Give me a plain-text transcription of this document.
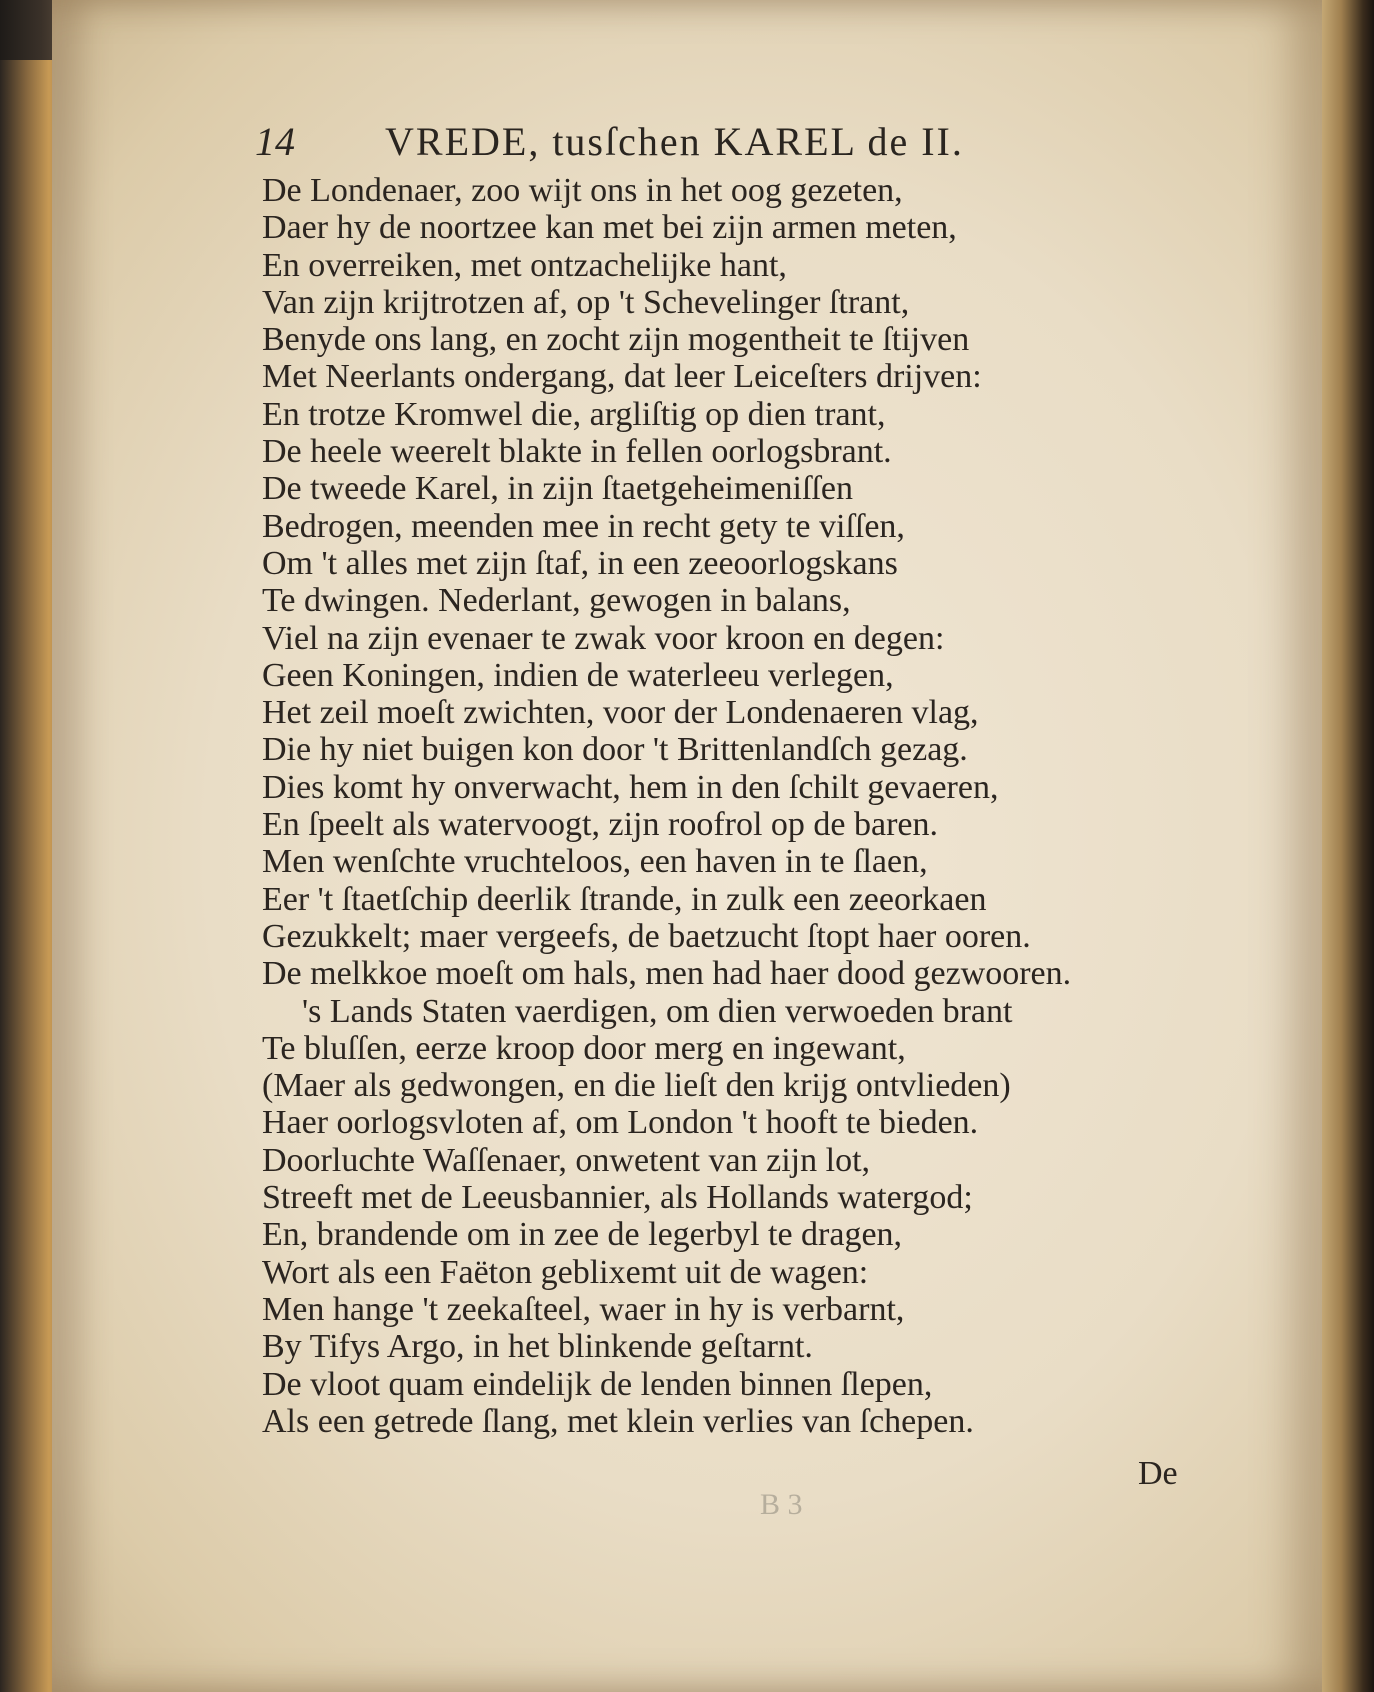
14 VREDE, tusſchen KAREL de II.
De Londenaer, zoo wijt ons in het oog gezeten,
Daer hy de noortzee kan met bei zijn armen meten,
En overreiken, met ontzachelijke hant,
Van zijn krijtrotzen af, op 't Schevelinger ſtrant,
Benyde ons lang, en zocht zijn mogentheit te ſtijven
Met Neerlants ondergang, dat leer Leiceſters drijven:
En trotze Kromwel die, argliſtig op dien trant,
De heele weerelt blakte in fellen oorlogsbrant.
De tweede Karel, in zijn ſtaetgeheimeniſſen
Bedrogen, meenden mee in recht gety te viſſen,
Om 't alles met zijn ſtaf, in een zeeoorlogskans
Te dwingen. Nederlant, gewogen in balans,
Viel na zijn evenaer te zwak voor kroon en degen:
Geen Koningen, indien de waterleeu verlegen,
Het zeil moeſt zwichten, voor der Londenaeren vlag,
Die hy niet buigen kon door 't Brittenlandſch gezag.
Dies komt hy onverwacht, hem in den ſchilt gevaeren,
En ſpeelt als watervoogt, zijn roofrol op de baren.
Men wenſchte vruchteloos, een haven in te ſlaen,
Eer 't ſtaetſchip deerlik ſtrande, in zulk een zeeorkaen
Gezukkelt; maer vergeefs, de baetzucht ſtopt haer ooren.
De melkkoe moeſt om hals, men had haer dood gezwooren.
's Lands Staten vaerdigen, om dien verwoeden brant
Te bluſſen, eerze kroop door merg en ingewant,
(Maer als gedwongen, en die lieſt den krijg ontvlieden)
Haer oorlogsvloten af, om London 't hooft te bieden.
Doorluchte Waſſenaer, onwetent van zijn lot,
Streeft met de Leeusbannier, als Hollands watergod;
En, brandende om in zee de legerbyl te dragen,
Wort als een Faëton geblixemt uit de wagen:
Men hange 't zeekaſteel, waer in hy is verbarnt,
By Tifys Argo, in het blinkende geſtarnt.
De vloot quam eindelijk de lenden binnen ſlepen,
Als een getrede ſlang, met klein verlies van ſchepen.
B 3
De
